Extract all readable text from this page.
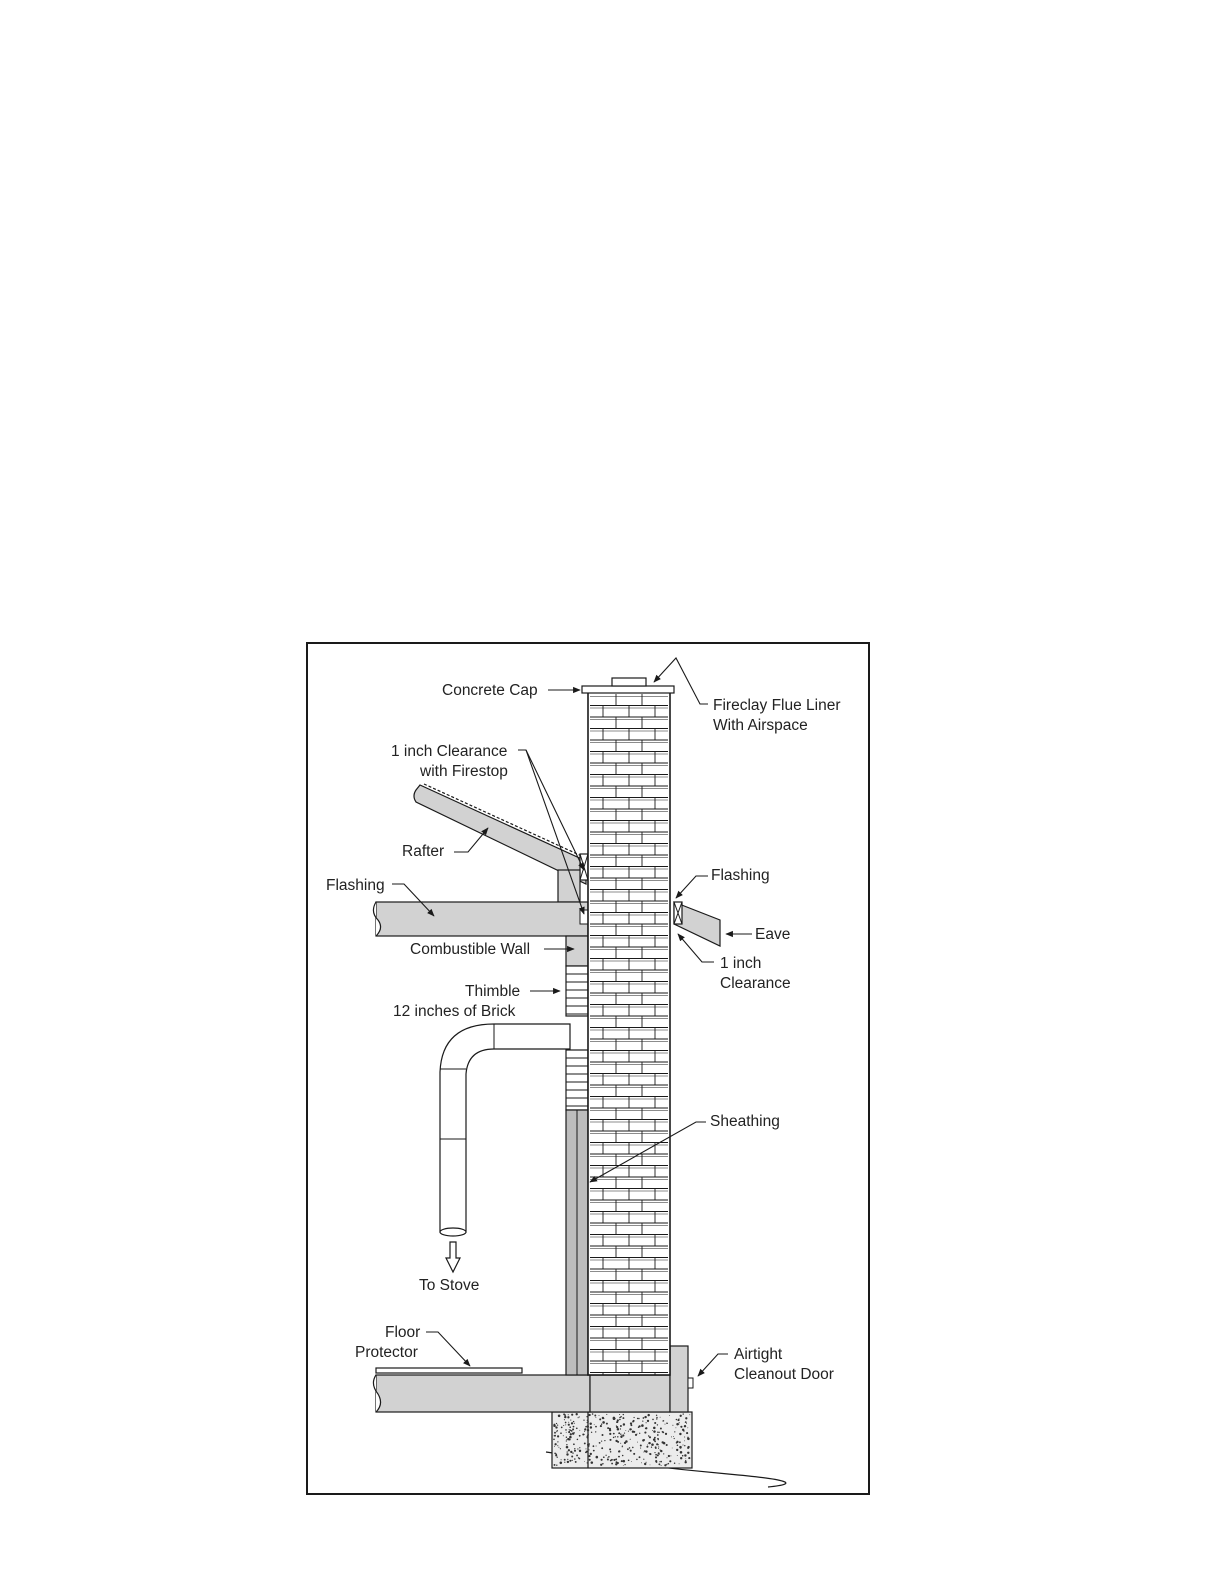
Concrete Cap
Fireclay Flue Liner
With Airspace
1 inch Clearance
with Firestop
Rafter
Flashing
Flashing
Eave
Combustible Wall
1 inch
Clearance
Thimble
12 inches of Brick
Sheathing
To Stove
Floor
Protector	Airtight
Cleanout Door
